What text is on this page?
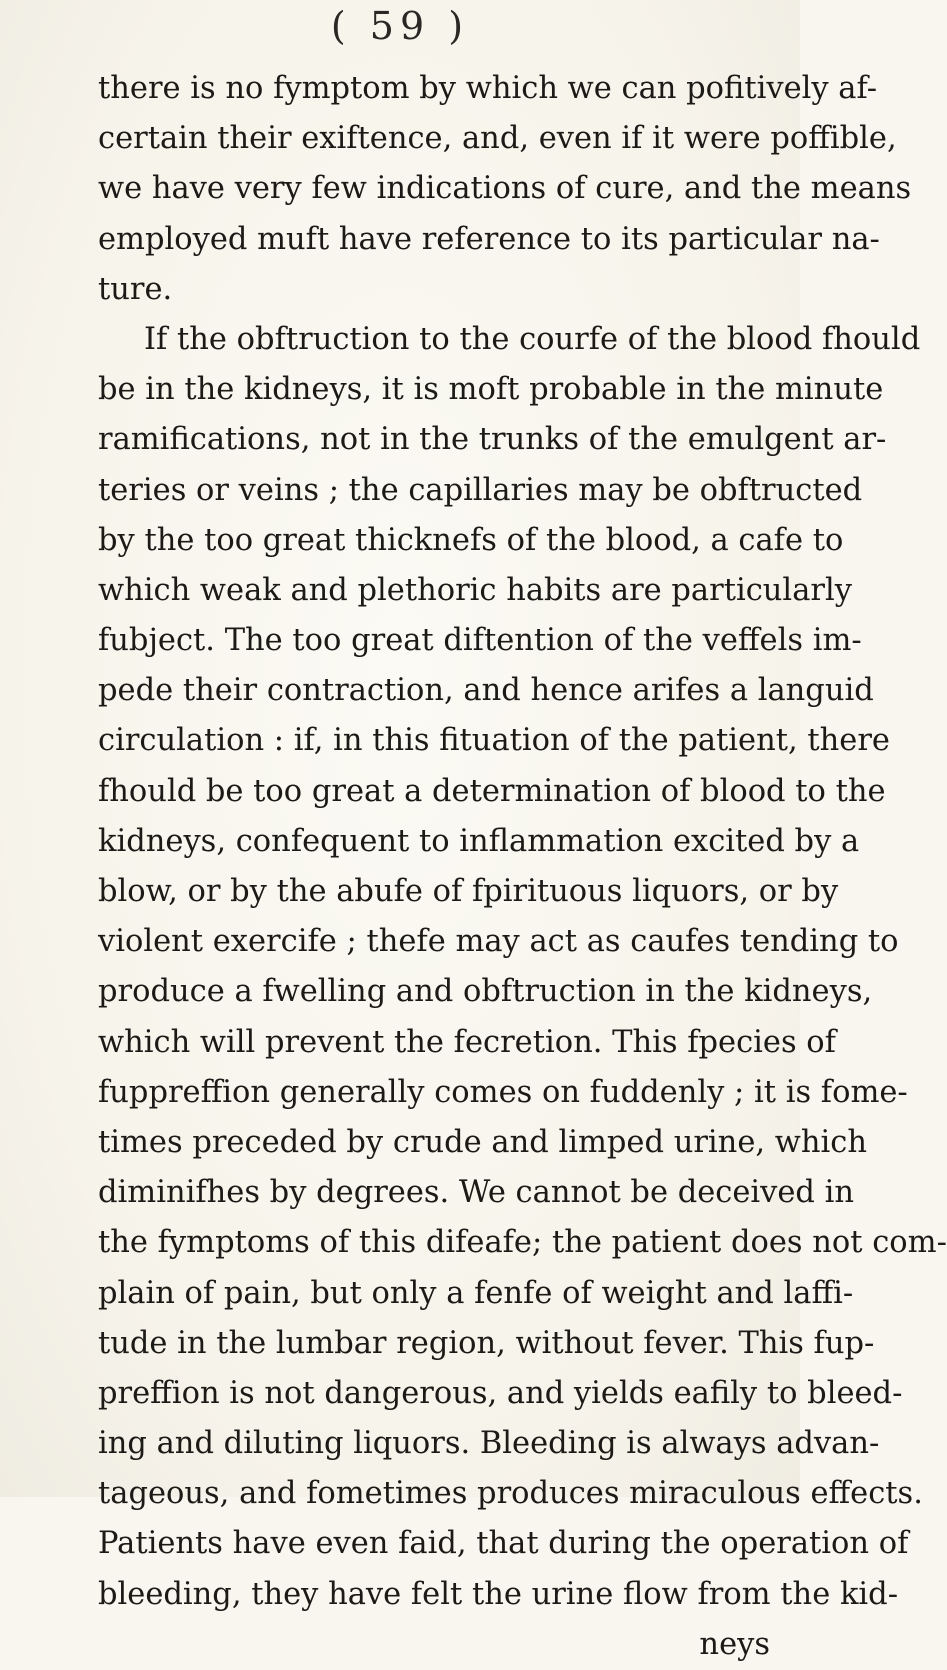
( 59 )
there is no fymptom by which we can pofitively af-
certain their exiftence, and, even if it were poffible,
we have very few indications of cure, and the means
employed muft have reference to its particular na-
ture.
If the obftruction to the courfe of the blood fhould
be in the kidneys, it is moft probable in the minute
ramifications, not in the trunks of the emulgent ar-
teries or veins ; the capillaries may be obftructed
by the too great thicknefs of the blood, a cafe to
which weak and plethoric habits are particularly
fubject. The too great diftention of the veffels im-
pede their contraction, and hence arifes a languid
circulation : if, in this fituation of the patient, there
fhould be too great a determination of blood to the
kidneys, confequent to inflammation excited by a
blow, or by the abufe of fpirituous liquors, or by
violent exercife ; thefe may act as caufes tending to
produce a fwelling and obftruction in the kidneys,
which will prevent the fecretion. This fpecies of
fuppreffion generally comes on fuddenly ; it is fome-
times preceded by crude and limped urine, which
diminifhes by degrees. We cannot be deceived in
the fymptoms of this difeafe; the patient does not com-
plain of pain, but only a fenfe of weight and laffi-
tude in the lumbar region, without fever. This fup-
preffion is not dangerous, and yields eafily to bleed-
ing and diluting liquors. Bleeding is always advan-
tageous, and fometimes produces miraculous effects.
Patients have even faid, that during the operation of
bleeding, they have felt the urine flow from the kid-
neys
